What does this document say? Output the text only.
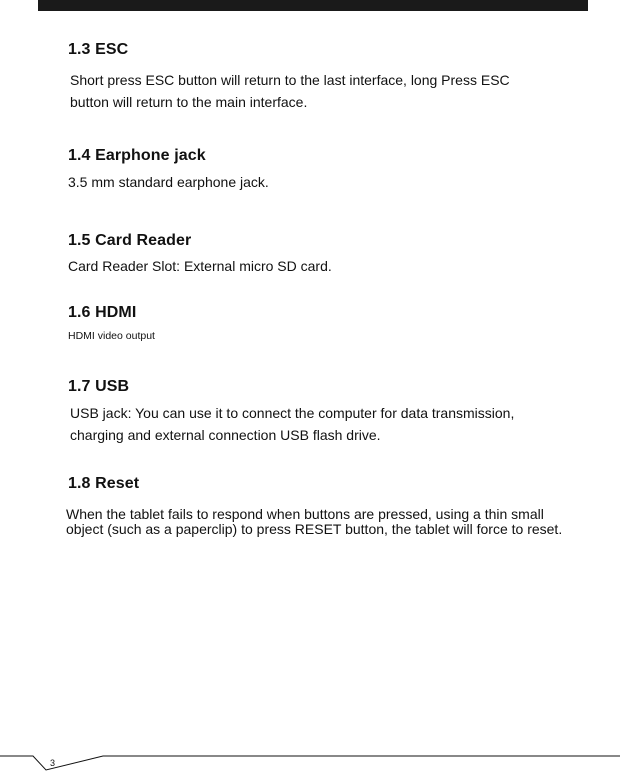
1.3 ESC

Short press ESC button will return to the last interface, long Press ESC

button will return to the main interface.

1.4 Earphone jack

3.5 mm standard earphone jack.

1.5 Card Reader

Card Reader Slot: External micro SD card.

1.6 HDMI

HDMI video output

1.7 USB

USB jack: You can use it to connect the computer for data transmission,

charging and external connection USB flash drive.

1.8 Reset

When the tablet fails to respond when buttons are pressed, using a thin small

object (such as a paperclip) to press RESET button, the tablet will force to reset.

3
